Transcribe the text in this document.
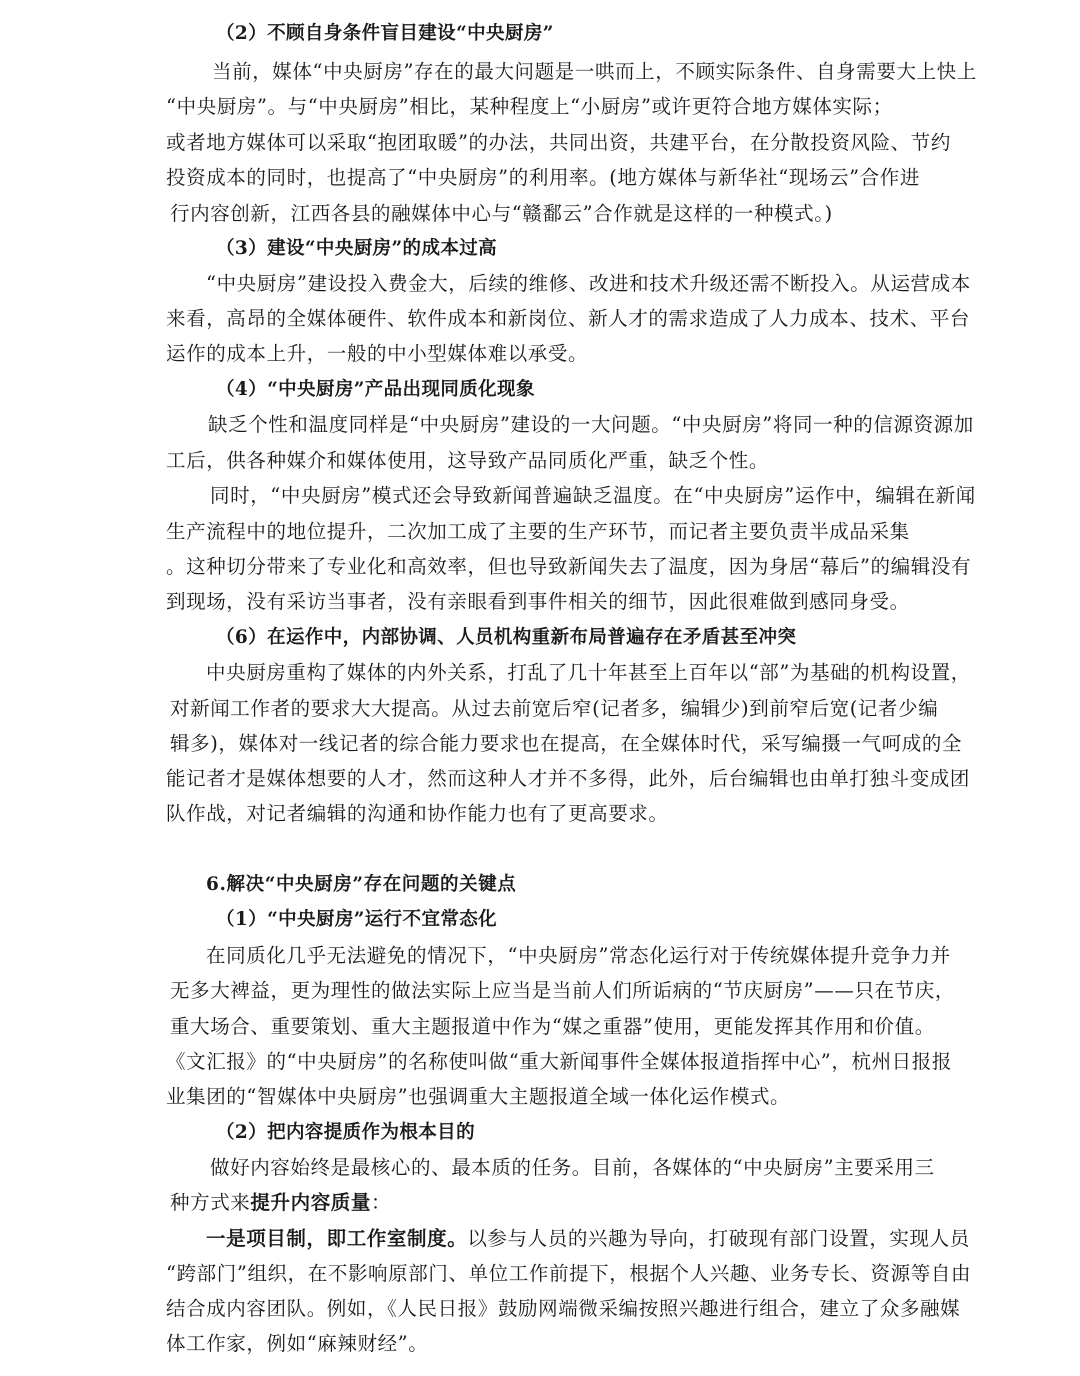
（2）不顾自身条件盲目建设“中央厨房”
当前，媒体“中央厨房”存在的最大问题是一哄而上，不顾实际条件、自身需要大上快上
“中央厨房”。与“中央厨房”相比，某种程度上“小厨房”或许更符合地方媒体实际；
或者地方媒体可以采取“抱团取暖”的办法，共同出资，共建平台，在分散投资风险、节约
投资成本的同时，也提高了“中央厨房”的利用率。(地方媒体与新华社“现场云”合作进
行内容创新，江西各县的融媒体中心与“赣鄱云”合作就是这样的一种模式。)
（3）建设“中央厨房”的成本过高
“中央厨房”建设投入费金大，后续的维修、改进和技术升级还需不断投入。从运营成本
来看，高昂的全媒体硬件、软件成本和新岗位、新人才的需求造成了人力成本、技术、平台
运作的成本上升，一般的中小型媒体难以承受。
（4）“中央厨房”产品出现同质化现象
缺乏个性和温度同样是“中央厨房”建设的一大问题。“中央厨房”将同一种的信源资源加
工后，供各种媒介和媒体使用，这导致产品同质化严重，缺乏个性。
同时，“中央厨房”模式还会导致新闻普遍缺乏温度。在“中央厨房”运作中，编辑在新闻
生产流程中的地位提升，二次加工成了主要的生产环节，而记者主要负责半成品采集
。这种切分带来了专业化和高效率，但也导致新闻失去了温度，因为身居“幕后”的编辑没有
到现场，没有采访当事者，没有亲眼看到事件相关的细节，因此很难做到感同身受。
（6）在运作中，内部协调、人员机构重新布局普遍存在矛盾甚至冲突
中央厨房重构了媒体的内外关系，打乱了几十年甚至上百年以“部”为基础的机构设置，
对新闻工作者的要求大大提高。从过去前宽后窄(记者多，编辑少)到前窄后宽(记者少编
辑多)，媒体对一线记者的综合能力要求也在提高，在全媒体时代，采写编摄一气呵成的全
能记者才是媒体想要的人才，然而这种人才并不多得，此外，后台编辑也由单打独斗变成团
队作战，对记者编辑的沟通和协作能力也有了更高要求。
6.解决“中央厨房”存在问题的关键点
（1）“中央厨房”运行不宜常态化
在同质化几乎无法避免的情况下，“中央厨房”常态化运行对于传统媒体提升竞争力并
无多大裨益，更为理性的做法实际上应当是当前人们所诟病的“节庆厨房”——只在节庆，
重大场合、重要策划、重大主题报道中作为“媒之重器”使用，更能发挥其作用和价值。
《文汇报》的“中央厨房”的名称使叫做“重大新闻事件全媒体报道指挥中心”，杭州日报报
业集团的“智媒体中央厨房”也强调重大主题报道全域一体化运作模式。
（2）把内容提质作为根本目的
做好内容始终是最核心的、最本质的任务。目前，各媒体的“中央厨房”主要采用三
种方式来提升内容质量：
一是项目制，即工作室制度。以参与人员的兴趣为导向，打破现有部门设置，实现人员
“跨部门”组织，在不影响原部门、单位工作前提下，根据个人兴趣、业务专长、资源等自由
结合成内容团队。例如，《人民日报》鼓励网端微采编按照兴趣进行组合，建立了众多融媒
体工作家，例如“麻辣财经”。
